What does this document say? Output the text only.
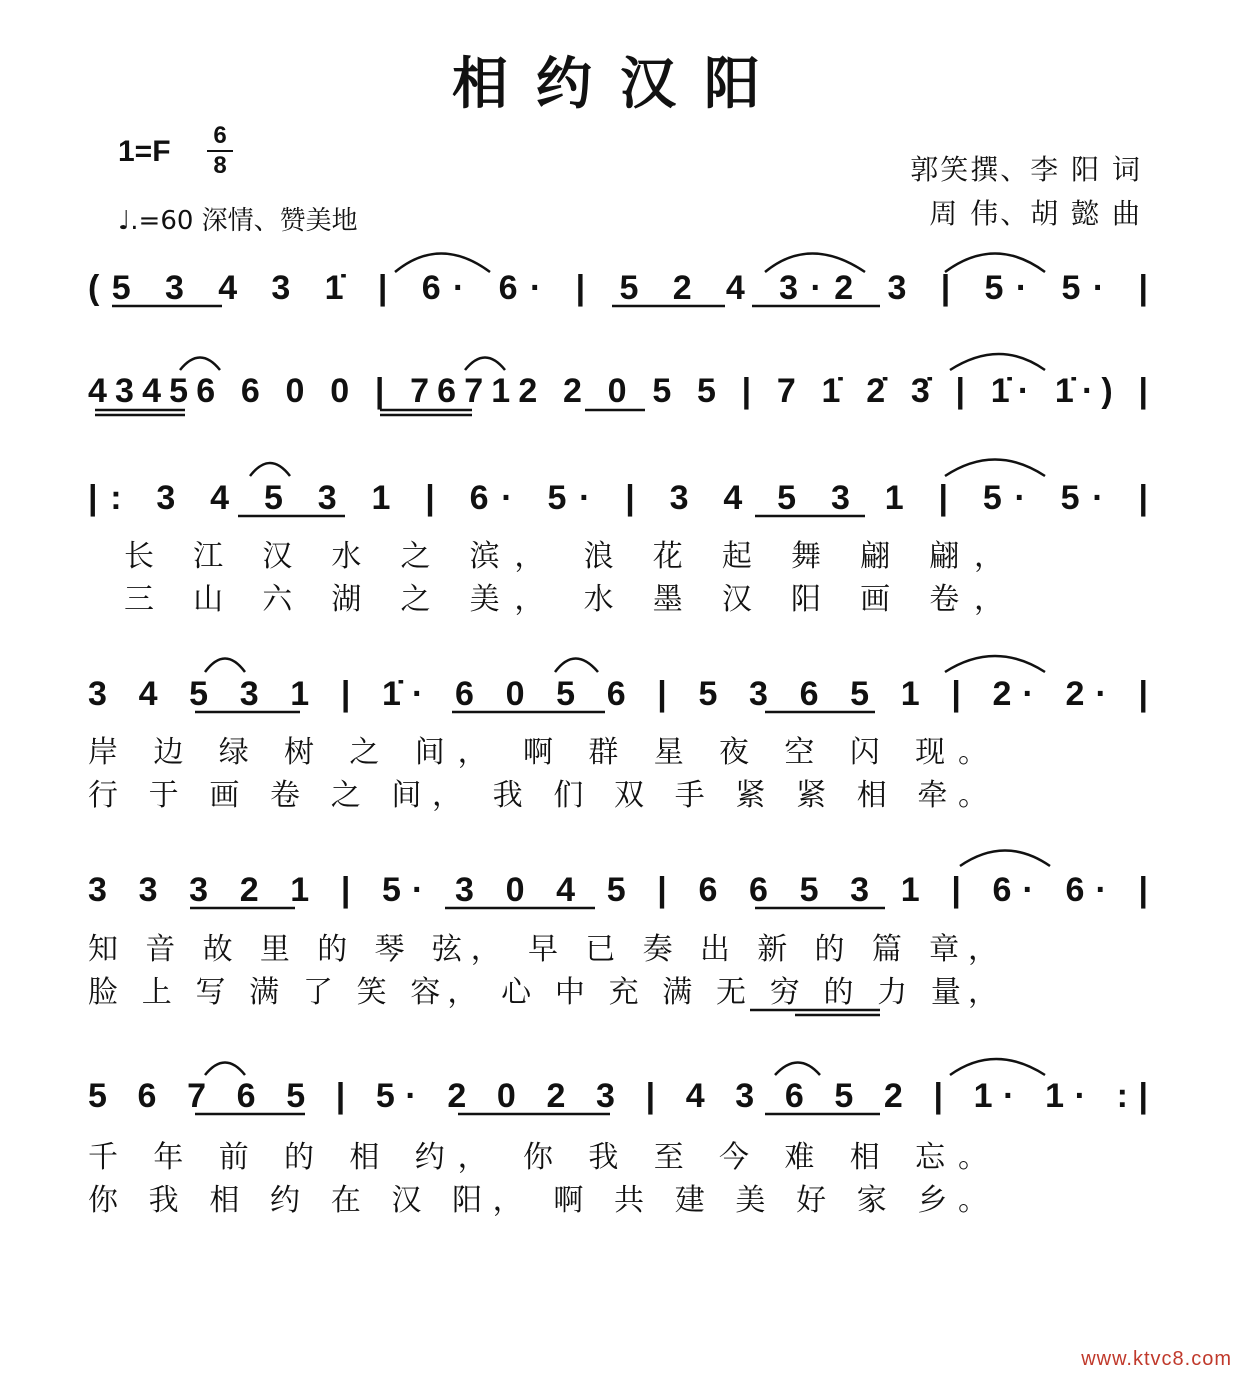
相约汉阳
1=F	6
8
♩.=60 深情、赞美地
郭笑撰、李 阳 词
周 伟、胡 懿 曲
(5 3 4 3 1̇ | 6· 6· | 5 2 4 3·2 3 | 5· 5· |
43456 6 0 0 | 76712 2 0 5 5 | 7 1̇ 2̇ 3̇ | 1̇· 1̇·) |
|: 3 4 5 3 1 | 6· 5· | 3 4 5 3 1 | 5· 5· |
长 江 汉 水 之 滨， 浪 花 起 舞 翩 翩，
三 山 六 湖 之 美， 水 墨 汉 阳 画 卷，
3 4 5 3 1 | 1̇· 6 0 5 6 | 5 3 6 5 1 | 2· 2· |
岸 边 绿 树 之 间， 啊 群 星 夜 空 闪 现。
行 于 画 卷 之 间， 我 们 双 手 紧 紧 相 牵。
3 3 3 2 1 | 5· 3 0 4 5 | 6 6 5 3 1 | 6· 6· |
知 音 故 里 的 琴 弦， 早 已 奏 出 新 的 篇 章，
脸 上 写 满 了 笑 容， 心 中 充 满 无 穷 的 力 量，
5 6 7 6 5 | 5· 2 0 2 3 | 4 3 6 5 2 | 1· 1· :|
千 年 前 的 相 约， 你 我 至 今 难 相 忘。
你 我 相 约 在 汉 阳， 啊 共 建 美 好 家 乡。
www.ktvc8.com
